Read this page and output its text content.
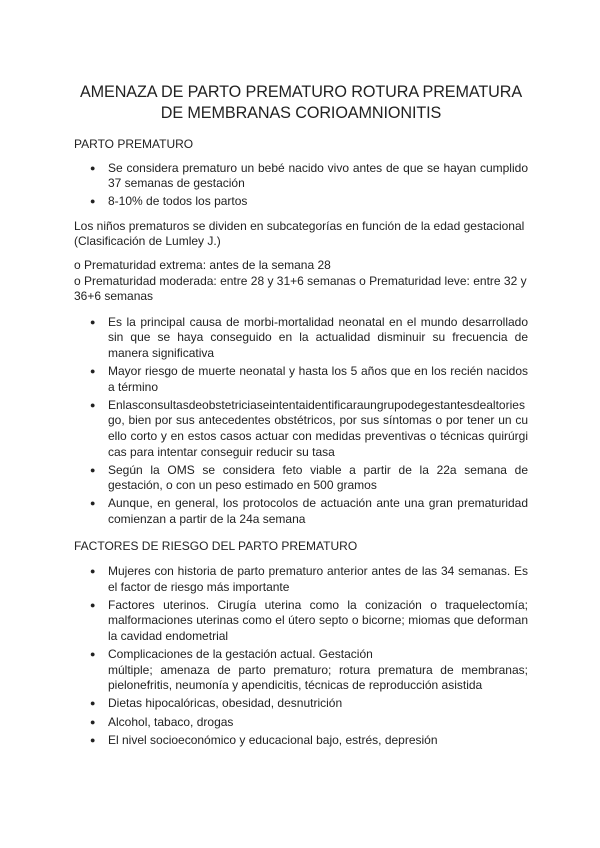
AMENAZA DE PARTO PREMATURO ROTURA PREMATURA DE MEMBRANAS CORIOAMNIONITIS
PARTO PREMATURO
● Se considera prematuro un bebé nacido vivo antes de que se hayan cumplido 37 semanas de gestación
● 8-10% de todos los partos

Los niños prematuros se dividen en subcategorías en función de la edad gestacional (Clasificación de Lumley J.)

o Prematuridad extrema: antes de la semana 28

o Prematuridad moderada: entre 28 y 31+6 semanas o Prematuridad leve: entre 32 y 36+6 semanas

● Es la principal causa de morbi-mortalidad neonatal en el mundo desarrollado sin que se haya conseguido en la actualidad disminuir su frecuencia de manera significativa
● Mayor riesgo de muerte neonatal y hasta los 5 años que en los recién nacidos a término
● Enlasconsultasdeobstetriciaseintentaidentificaraungrupodegestantesdealtoriesgo, bien por sus antecedentes obstétricos, por sus síntomas o por tener un cuello corto y en estos casos actuar con medidas preventivas o técnicas quirúrgicas para intentar conseguir reducir su tasa
● Según la OMS se considera feto viable a partir de la 22a semana de gestación, o con un peso estimado en 500 gramos
● Aunque, en general, los protocolos de actuación ante una gran prematuridad comienzan a partir de la 24a semana
FACTORES DE RIESGO DEL PARTO PREMATURO
● Mujeres con historia de parto prematuro anterior antes de las 34 semanas. Es el factor de riesgo más importante
● Factores uterinos. Cirugía uterina como la conización o traquelectomía; malformaciones uterinas como el útero septo o bicorne; miomas que deforman la cavidad endometrial
● Complicaciones de la gestación actual. Gestación
múltiple; amenaza de parto prematuro; rotura prematura de membranas; pielonefritis, neumonía y apendicitis, técnicas de reproducción asistida
● Dietas hipocalóricas, obesidad, desnutrición
● Alcohol, tabaco, drogas
● El nivel socioeconómico y educacional bajo, estrés, depresión
